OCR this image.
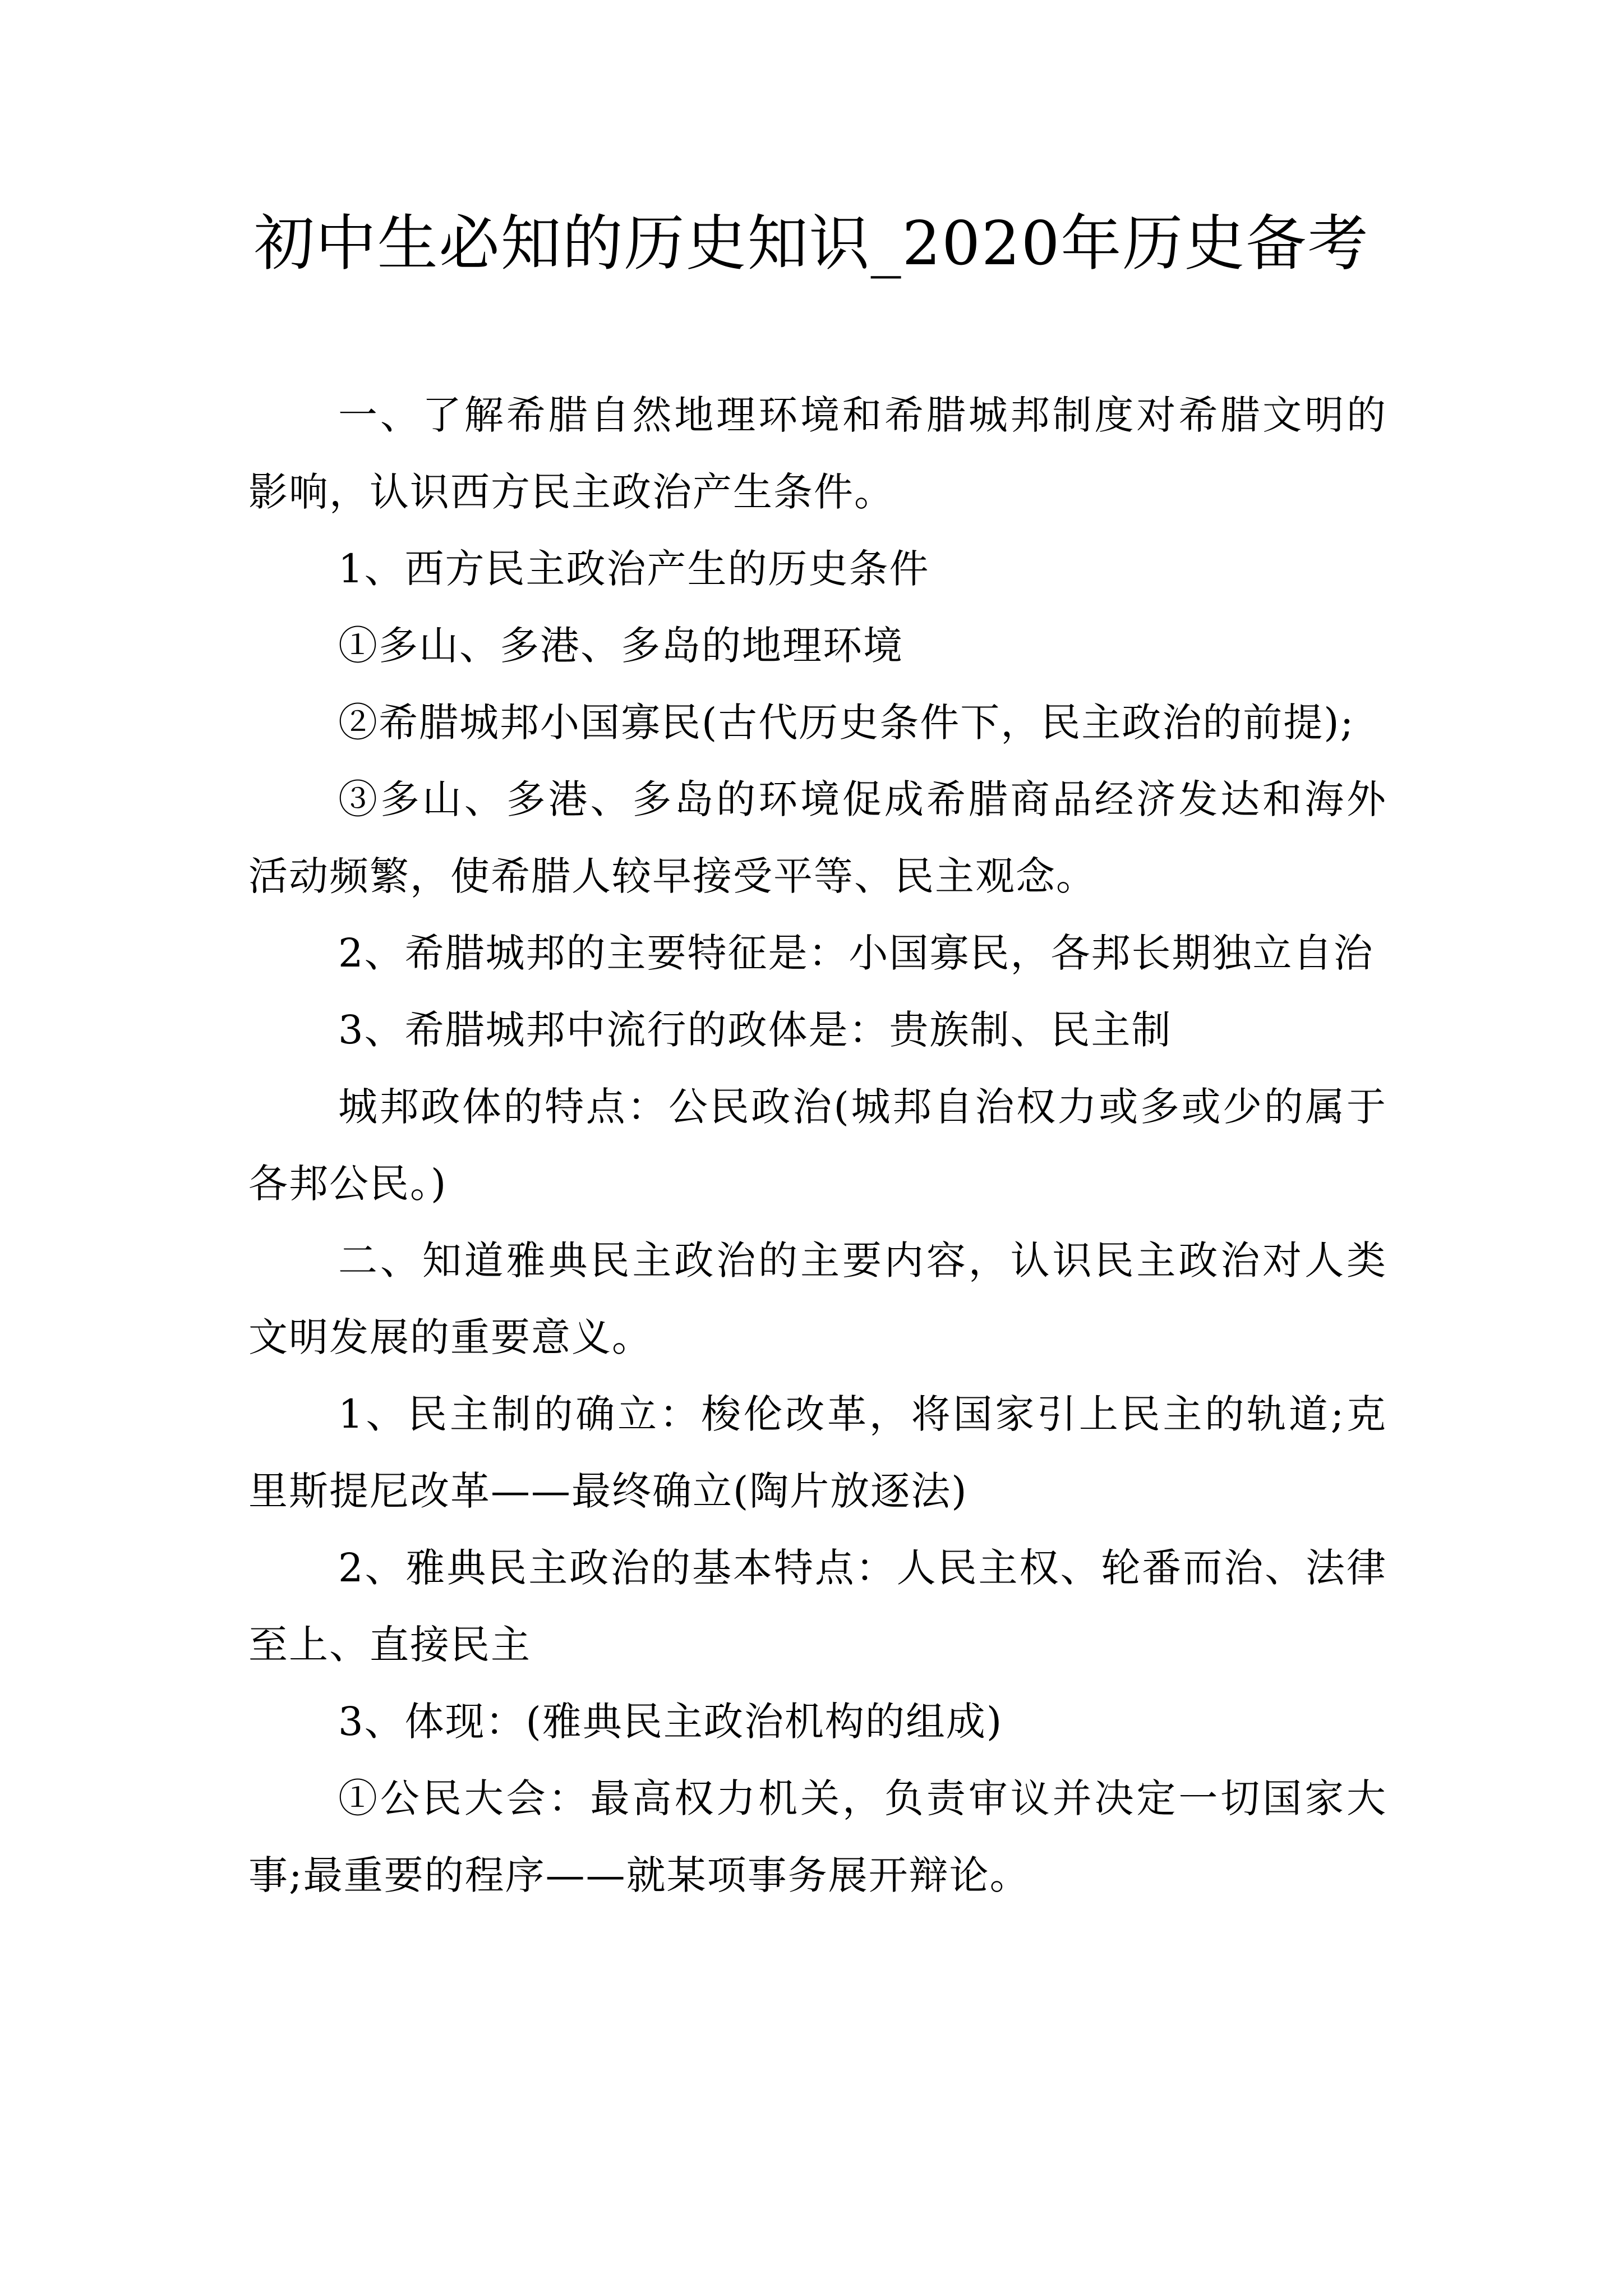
初中生必知的历史知识_2020年历史备考

一、了解希腊自然地理环境和希腊城邦制度对希腊文明的影响，认识西方民主政治产生条件。

1、西方民主政治产生的历史条件

①多山、多港、多岛的地理环境

②希腊城邦小国寡民(古代历史条件下，民主政治的前提);

③多山、多港、多岛的环境促成希腊商品经济发达和海外活动频繁，使希腊人较早接受平等、民主观念。

2、希腊城邦的主要特征是：小国寡民，各邦长期独立自治

3、希腊城邦中流行的政体是：贵族制、民主制

城邦政体的特点：公民政治(城邦自治权力或多或少的属于各邦公民。)

二、知道雅典民主政治的主要内容，认识民主政治对人类文明发展的重要意义。

1、民主制的确立：梭伦改革，将国家引上民主的轨道;克里斯提尼改革——最终确立(陶片放逐法)

2、雅典民主政治的基本特点：人民主权、轮番而治、法律至上、直接民主

3、体现：(雅典民主政治机构的组成)

①公民大会：最高权力机关，负责审议并决定一切国家大事;最重要的程序——就某项事务展开辩论。
